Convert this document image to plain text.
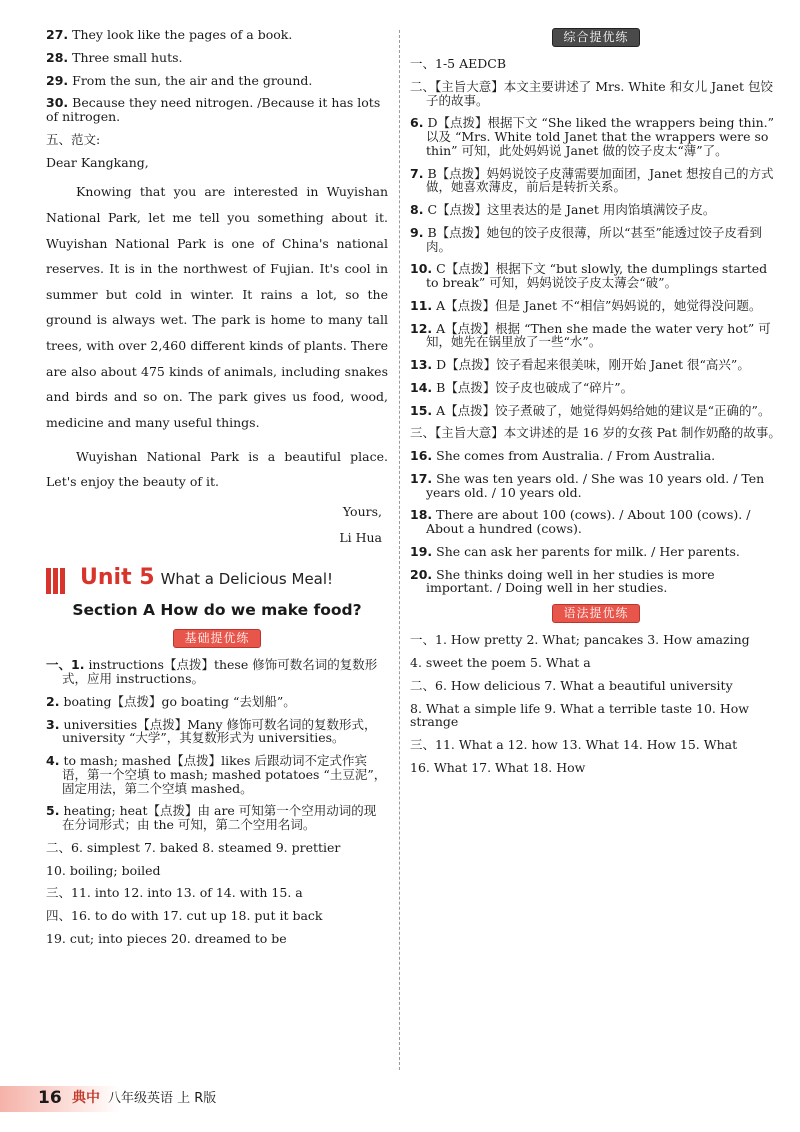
27. They look like the pages of a book.
28. Three small huts.
29. From the sun, the air and the ground.
30. Because they need nitrogen. /Because it has lots of nitrogen.
五、范文:
Dear Kangkang,

Knowing that you are interested in Wuyishan National Park, let me tell you something about it. Wuyishan National Park is one of China's national reserves. It is in the northwest of Fujian. It's cool in summer but cold in winter. It rains a lot, so the ground is always wet. The park is home to many tall trees, with over 2,460 different kinds of plants. There are also about 475 kinds of animals, including snakes and birds and so on. The park gives us food, wood, medicine and many useful things.

Wuyishan National Park is a beautiful place. Let's enjoy the beauty of it.

Yours,
Li Hua
Unit 5 What a Delicious Meal!
Section A How do we make food?
基础提优练
一、1. instructions【点拨】these 修饰可数名词的复数形式，应用 instructions。
2. boating【点拨】go boating “去划船”。
3. universities【点拨】Many 修饰可数名词的复数形式，university “大学”，其复数形式为 universities。
4. to mash; mashed【点拨】likes 后跟动词不定式作宾语，第一个空填 to mash; mashed potatoes “土豆泥”，固定用法，第二个空填 mashed。
5. heating; heat【点拨】由 are 可知第一个空用动词的现在分词形式；由 the 可知，第二个空用名词。
二、6. simplest 7. baked 8. steamed 9. prettier
10. boiling; boiled
三、11. into 12. into 13. of 14. with 15. a
四、16. to do with 17. cut up 18. put it back
19. cut; into pieces 20. dreamed to be
综合提优练
一、1-5 AEDCB
二、【主旨大意】本文主要讲述了 Mrs. White 和女儿 Janet 包饺子的故事。
6. D【点拨】根据下文 “She liked the wrappers being thin.” 以及 “Mrs. White told Janet that the wrappers were so thin” 可知，此处妈妈说 Janet 做的饺子皮太“薄”了。
7. B【点拨】妈妈说饺子皮薄需要加面团，Janet 想按自己的方式做，她喜欢薄皮，前后是转折关系。
8. C【点拨】这里表达的是 Janet 用肉馅填满饺子皮。
9. B【点拨】她包的饺子皮很薄，所以“甚至”能透过饺子皮看到肉。
10. C【点拨】根据下文 “but slowly, the dumplings started to break” 可知，妈妈说饺子皮太薄会“破”。
11. A【点拨】但是 Janet 不“相信”妈妈说的，她觉得没问题。
12. A【点拨】根据 “Then she made the water very hot” 可知，她先在锅里放了一些“水”。
13. D【点拨】饺子看起来很美味，刚开始 Janet 很“高兴”。
14. B【点拨】饺子皮也破成了“碎片”。
15. A【点拨】饺子煮破了，她觉得妈妈给她的建议是“正确的”。
三、【主旨大意】本文讲述的是 16 岁的女孩 Pat 制作奶酪的故事。
16. She comes from Australia. / From Australia.
17. She was ten years old. / She was 10 years old. / Ten years old. / 10 years old.
18. There are about 100 (cows). / About 100 (cows). / About a hundred (cows).
19. She can ask her parents for milk. / Her parents.
20. She thinks doing well in her studies is more important. / Doing well in her studies.
语法提优练
一、1. How pretty 2. What; pancakes 3. How amazing
4. sweet the poem 5. What a
二、6. How delicious 7. What a beautiful university
8. What a simple life 9. What a terrible taste 10. How strange
三、11. What a 12. how 13. What 14. How 15. What
16. What 17. What 18. How
16 典中 八年级英语 上 R版
